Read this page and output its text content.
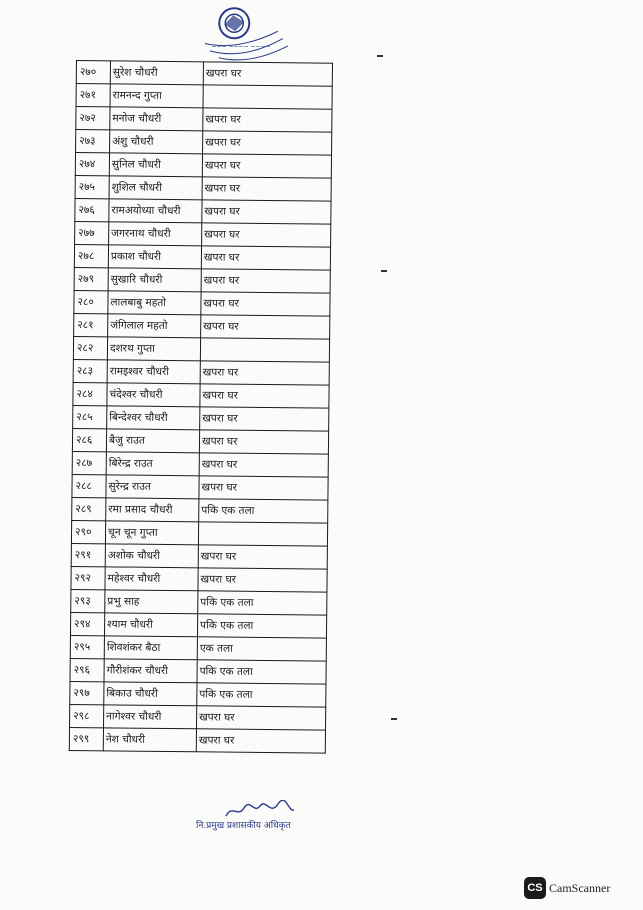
~~~ ~~~~ ~~~~
२७०	सुरेश चौधरी	खपरा घर
२७१	रामनन्द गुप्ता	
२७२	मनोज चौधरी	खपरा घर
२७३	अंशु चौधरी	खपरा घर
२७४	सुनिल चौधरी	खपरा घर
२७५	शुशिल चौधरी	खपरा घर
२७६	रामअयोध्या चौधरी	खपरा घर
२७७	जगरनाथ चौधरी	खपरा घर
२७८	प्रकाश चौधरी	खपरा घर
२७९	सुखारि चौधरी	खपरा घर
२८०	लालबाबु महतो	खपरा घर
२८१	जंगिलाल महतो	खपरा घर
२८२	दशरथ गुप्ता	
२८३	रामइश्वर चौधरी	खपरा घर
२८४	चंदेश्वर चौधरी	खपरा घर
२८५	बिन्देश्वर चौधरी	खपरा घर
२८६	बैजु राउत	खपरा घर
२८७	बिरेन्द्र राउत	खपरा घर
२८८	सुरेन्द्र राउत	खपरा घर
२८९	रमा प्रसाद चौधरी	पकि एक तला
२९०	चून चून गुप्ता	
२९१	अशोक चौधरी	खपरा घर
२९२	महेश्वर चौधरी	खपरा घर
२९३	प्रभु साह	पकि एक तला
२९४	श्याम चौधरी	पकि एक तला
२९५	शिवशंकर बैठा	एक तला
२९६	गौरीशंकर चौधरी	पकि एक तला
२९७	बिकाउ चौधरी	पकि एक तला
२९८	नागेश्वर चौधरी	खपरा घर
२९९	नेश चौधरी	खपरा घर
नि.प्रमुख प्रशासकीय अधिकृत
CS CamScanner
